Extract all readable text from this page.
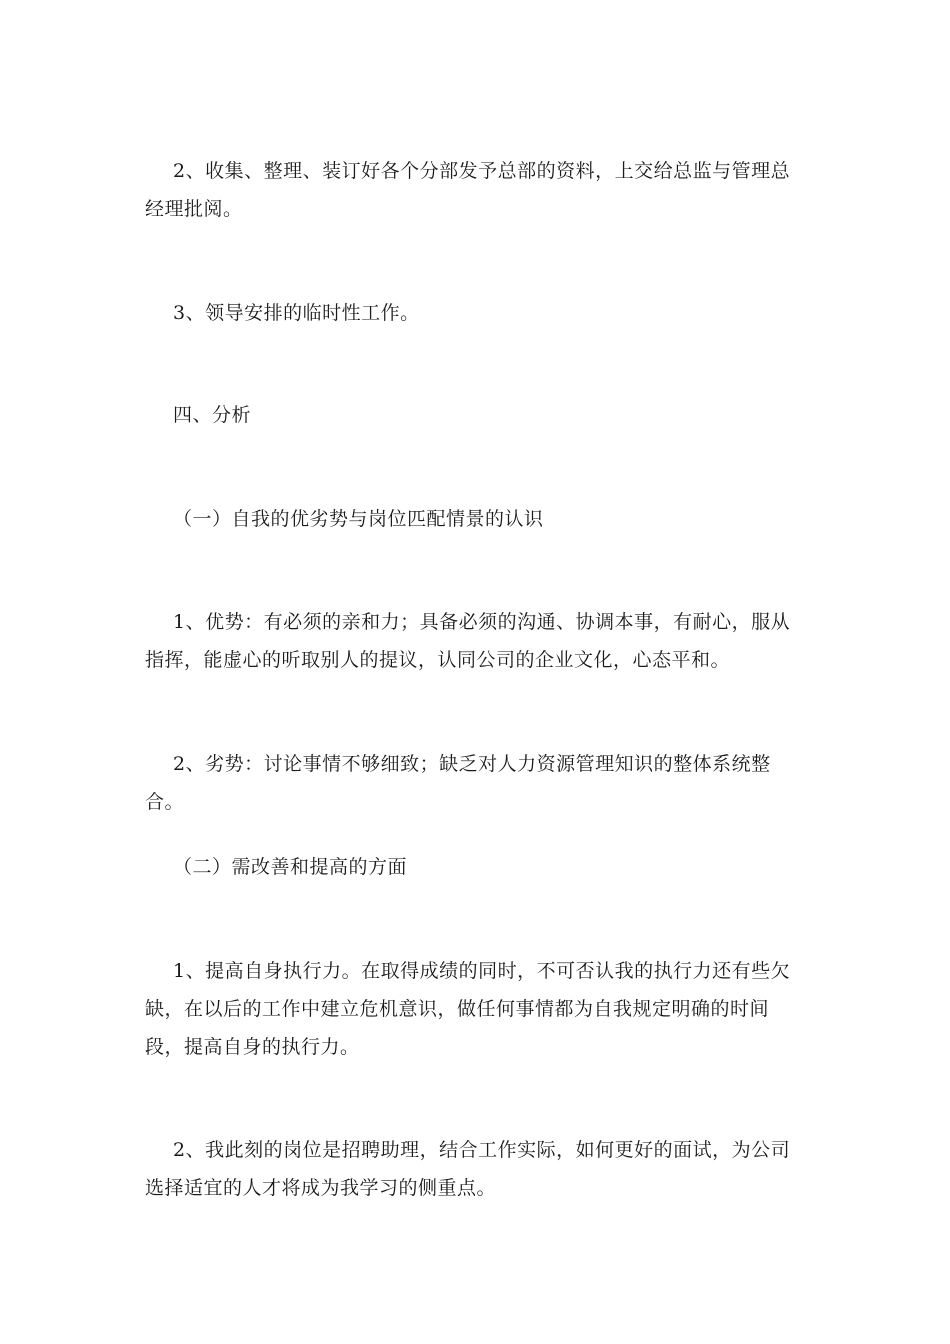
2、收集、整理、装订好各个分部发予总部的资料，上交给总监与管理总经理批阅。

3、领导安排的临时性工作。

四、分析

（一）自我的优劣势与岗位匹配情景的认识

1、优势：有必须的亲和力；具备必须的沟通、协调本事，有耐心，服从指挥，能虚心的听取别人的提议，认同公司的企业文化，心态平和。

2、劣势：讨论事情不够细致；缺乏对人力资源管理知识的整体系统整合。

（二）需改善和提高的方面

1、提高自身执行力。在取得成绩的同时，不可否认我的执行力还有些欠缺，在以后的工作中建立危机意识，做任何事情都为自我规定明确的时间段，提高自身的执行力。

2、我此刻的岗位是招聘助理，结合工作实际，如何更好的面试，为公司选择适宜的人才将成为我学习的侧重点。
